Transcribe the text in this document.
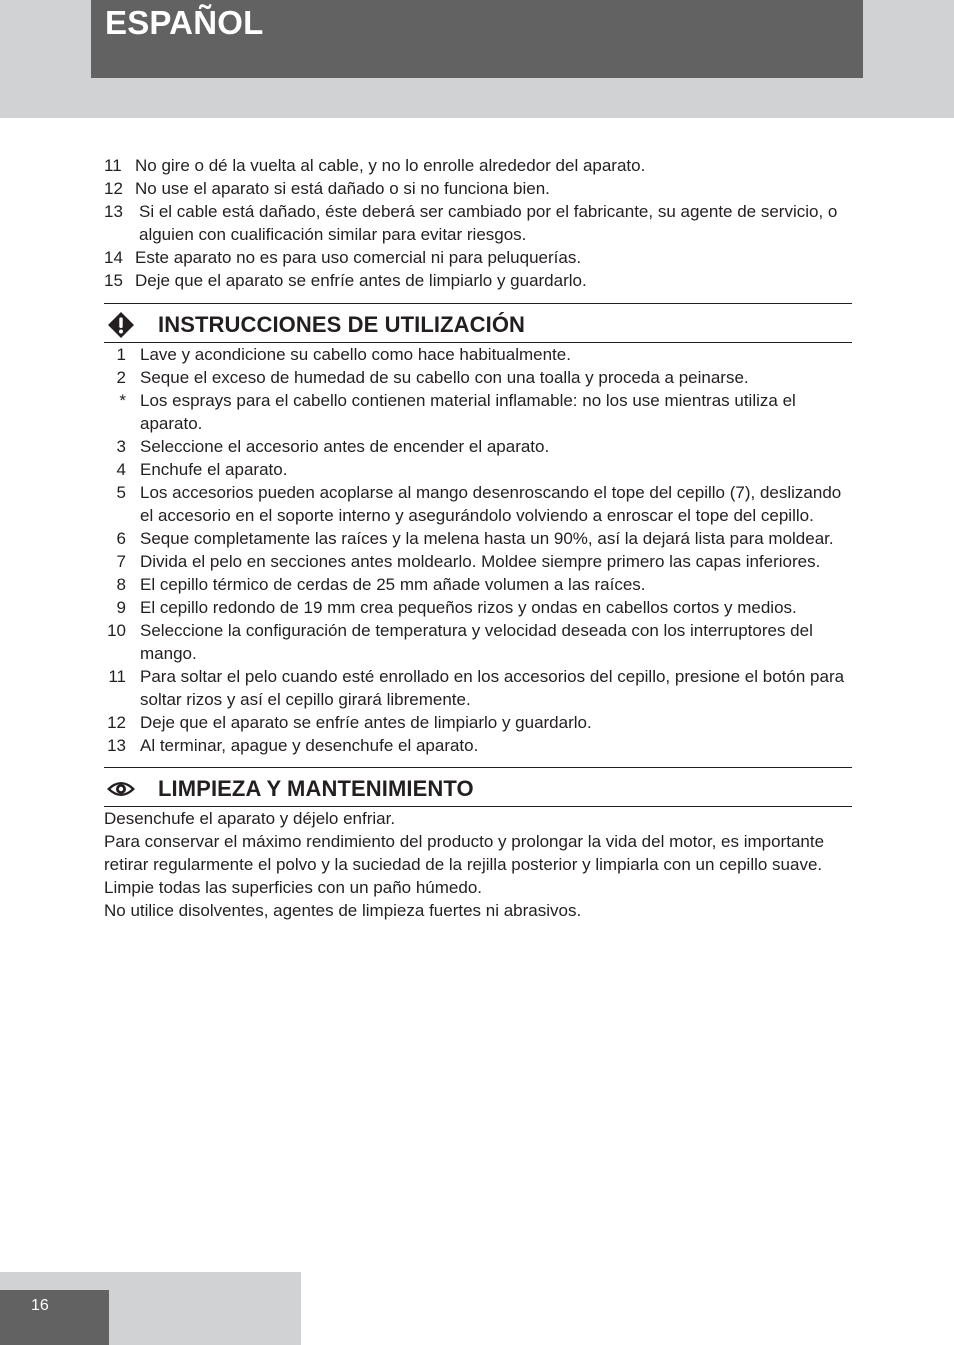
ESPAÑOL
11 No gire o dé la vuelta al cable, y no lo enrolle alrededor del aparato.
12 No use el aparato si está dañado o si no funciona bien.
13 Si el cable está dañado, éste deberá ser cambiado por el fabricante, su agente de servicio, o alguien con cualificación similar para evitar riesgos.
14 Este aparato no es para uso comercial ni para peluquerías.
15 Deje que el aparato se enfríe antes de limpiarlo y guardarlo.
INSTRUCCIONES DE UTILIZACIÓN
1 Lave y acondicione su cabello como hace habitualmente.
2 Seque el exceso de humedad de su cabello con una toalla y proceda a peinarse.
* Los esprays para el cabello contienen material inflamable: no los use mientras utiliza el aparato.
3 Seleccione el accesorio antes de encender el aparato.
4 Enchufe el aparato.
5 Los accesorios pueden acoplarse al mango desenroscando el tope del cepillo (7), deslizando el accesorio en el soporte interno y asegurándolo volviendo a enroscar el tope del cepillo.
6 Seque completamente las raíces y la melena hasta un 90%, así la dejará lista para moldear.
7 Divida el pelo en secciones antes moldearlo. Moldee siempre primero las capas inferiores.
8 El cepillo térmico de cerdas de 25 mm añade volumen a las raíces.
9 El cepillo redondo de 19 mm crea pequeños rizos y ondas en cabellos cortos y medios.
10 Seleccione la configuración de temperatura y velocidad deseada con los interruptores del mango.
11 Para soltar el pelo cuando esté enrollado en los accesorios del cepillo, presione el botón para soltar rizos y así el cepillo girará libremente.
12 Deje que el aparato se enfríe antes de limpiarlo y guardarlo.
13 Al terminar, apague y desenchufe el aparato.
LIMPIEZA Y MANTENIMIENTO

Desenchufe el aparato y déjelo enfriar.

Para conservar el máximo rendimiento del producto y prolongar la vida del motor, es importante retirar regularmente el polvo y la suciedad de la rejilla posterior y limpiarla con un cepillo suave.

Limpie todas las superficies con un paño húmedo.

No utilice disolventes, agentes de limpieza fuertes ni abrasivos.

16
